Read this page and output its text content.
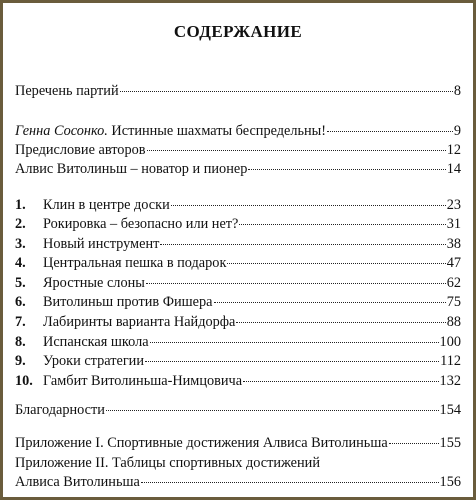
СОДЕРЖАНИЕ
Перечень партий	8
Генна Сосонко. Истинные шахматы беспредельны!	9
Предисловие авторов	12
Алвис Витолиньш – новатор и пионер	14
1.	Клин в центре доски	23
2.	Рокировка – безопасно или нет?	31
3.	Новый инструмент	38
4.	Центральная пешка в подарок	47
5.	Яростные слоны	62
6.	Витолиньш против Фишера	75
7.	Лабиринты варианта Найдорфа	88
8.	Испанская школа	100
9.	Уроки стратегии	112
10. Гамбит Витолиньша-Нимцовича	132
Благодарности	154
Приложение I. Спортивные достижения Алвиса Витолиньша	155
Приложение II. Таблицы спортивных достижений
Алвиса Витолиньша	156
